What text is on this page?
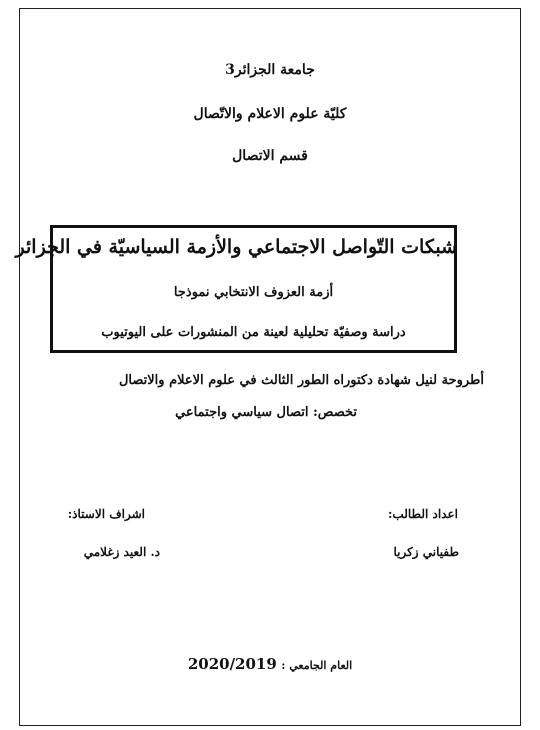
جامعة الجزائر3
كليّة علوم الاعلام والاتّصال
قسم الاتصال
شبكات التّواصل الاجتماعي والأزمة السياسيّة في الجزائر
أزمة العزوف الانتخابي نموذجا
دراسة وصفيّة تحليلية لعينة من المنشورات على اليوتيوب
أطروحة لنيل شهادة دكتوراه الطور الثالث في علوم الاعلام والاتصال
تخصص: اتصال سياسي واجتماعي
اعداد الطالب:
اشراف الاستاذ:
طفياني زكريا
د. العيد زغلامي
العام الجامعي : 2020/2019
